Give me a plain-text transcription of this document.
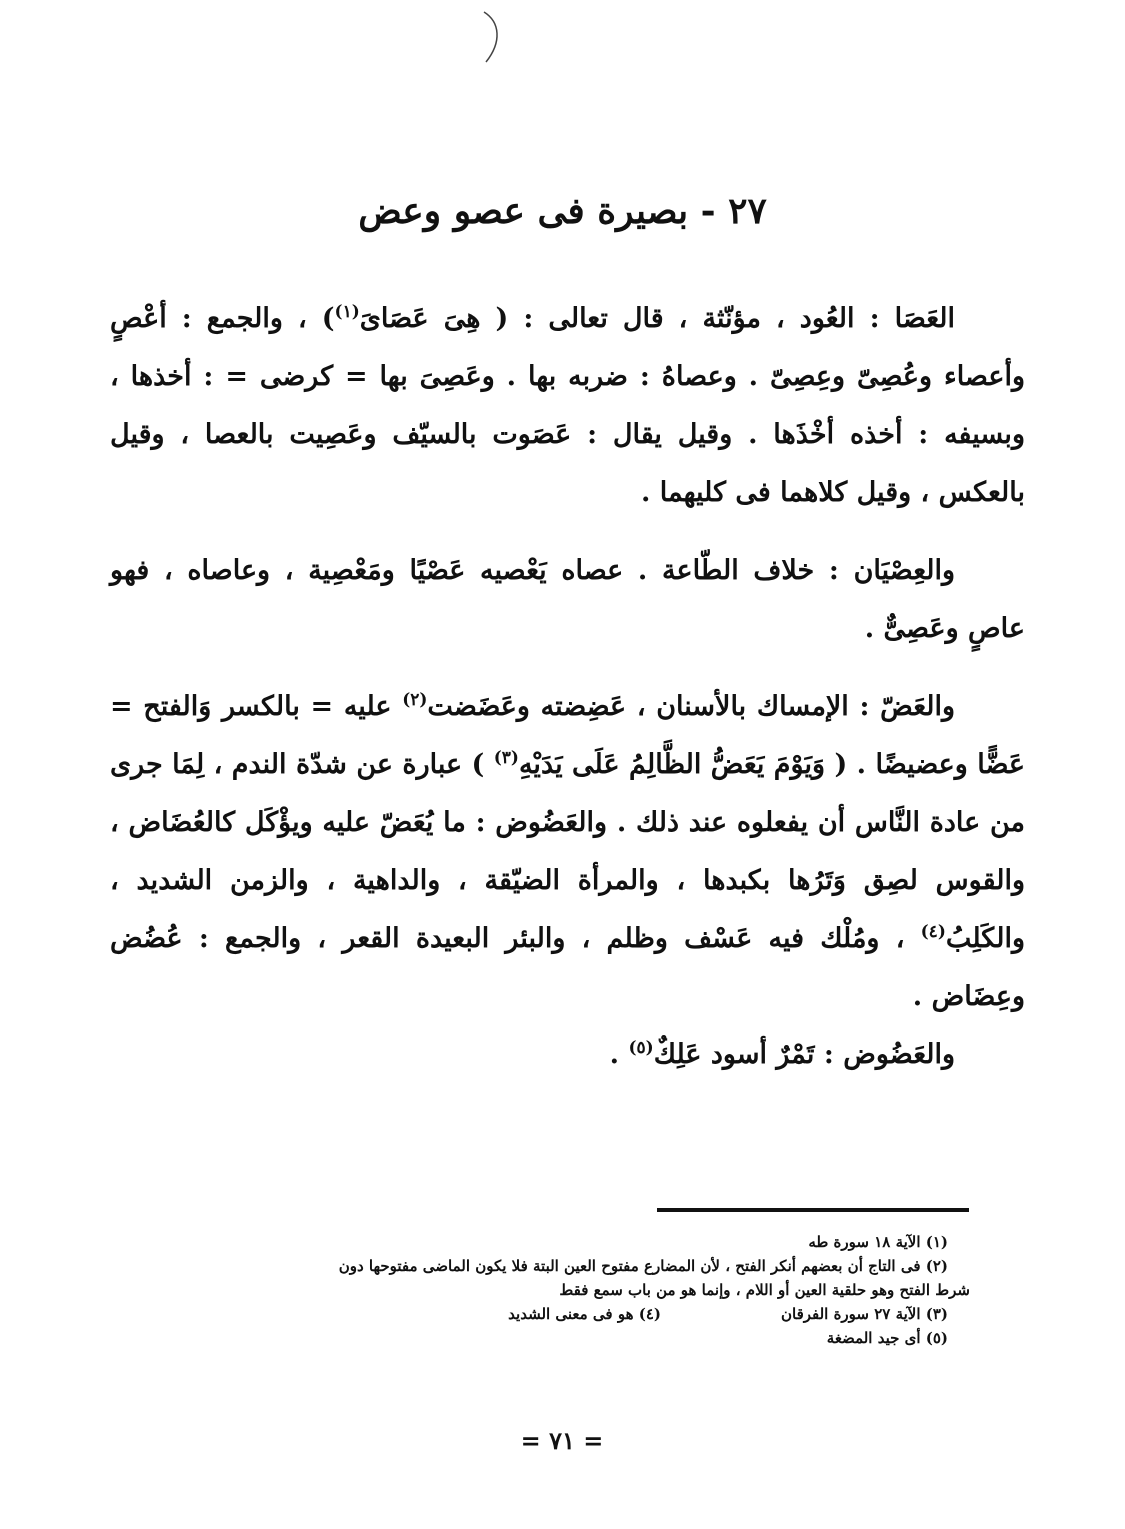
٢٧ - بصيرة فى عصو وعض

العَصَا : العُود ، مؤنّثة ، قال تعالى : ( هِىَ عَصَاىَ$^{(١)}$) ، والجمع : أعْصٍ وأعصاء وعُصِىّ وعِصِىّ . وعصاهُ : ضربه بها . وعَصِىَ بها = كرضى = : أخذها ، وبسيفه : أخذه أخْذَها . وقيل يقال : عَصَوت بالسيّف وعَصِيت بالعصا ، وقيل بالعكس ، وقيل كلاهما فى كليهما .

والعِصْيَان : خلاف الطّاعة . عصاه يَعْصيه عَصْيًا ومَعْصِية ، وعاصاه ، فهو عاصٍ وعَصِىٌّ .

والعَضّ : الإمساك بالأسنان ، عَضِضته وعَضَضت$^{(٢)}$ عليه = بالكسر وَالفتح = عَضًّا وعضيضًا . ( وَيَوْمَ يَعَضُّ الظَّالِمُ عَلَى يَدَيْهِ$^{(٣)}$ ) عبارة عن شدّة الندم ، لِمَا جرى من عادة النَّاس أن يفعلوه عند ذلك . والعَضُوض : ما يُعَضّ عليه ويؤْكَل كالعُضَاض ، والقوس لصِق وَتَرُها بكبدها ، والمرأة الضيّقة ، والداهية ، والزمن الشديد ، والكَلِبُ$^{(٤)}$ ، ومُلْك فيه عَسْف وظلم ، والبئر البعيدة القعر ، والجمع : عُضُض وعِضَاض .

والعَضُوض : تَمْرٌ أسود عَلِكٌ$^{(٥)}$ .

(١) الآية ١٨ سورة طه
(٢) فى التاج أن بعضهم أنكر الفتح ، لأن المضارع مفتوح العين البتة فلا يكون الماضى مفتوحها دون
شرط الفتح وهو حلقية العين أو اللام ، وإنما هو من باب سمع فقط
(٣) الآية ٢٧ سورة الفرقان
(٤) هو فى معنى الشديد
(٥) أى جيد المضغة
= ٧١ =
